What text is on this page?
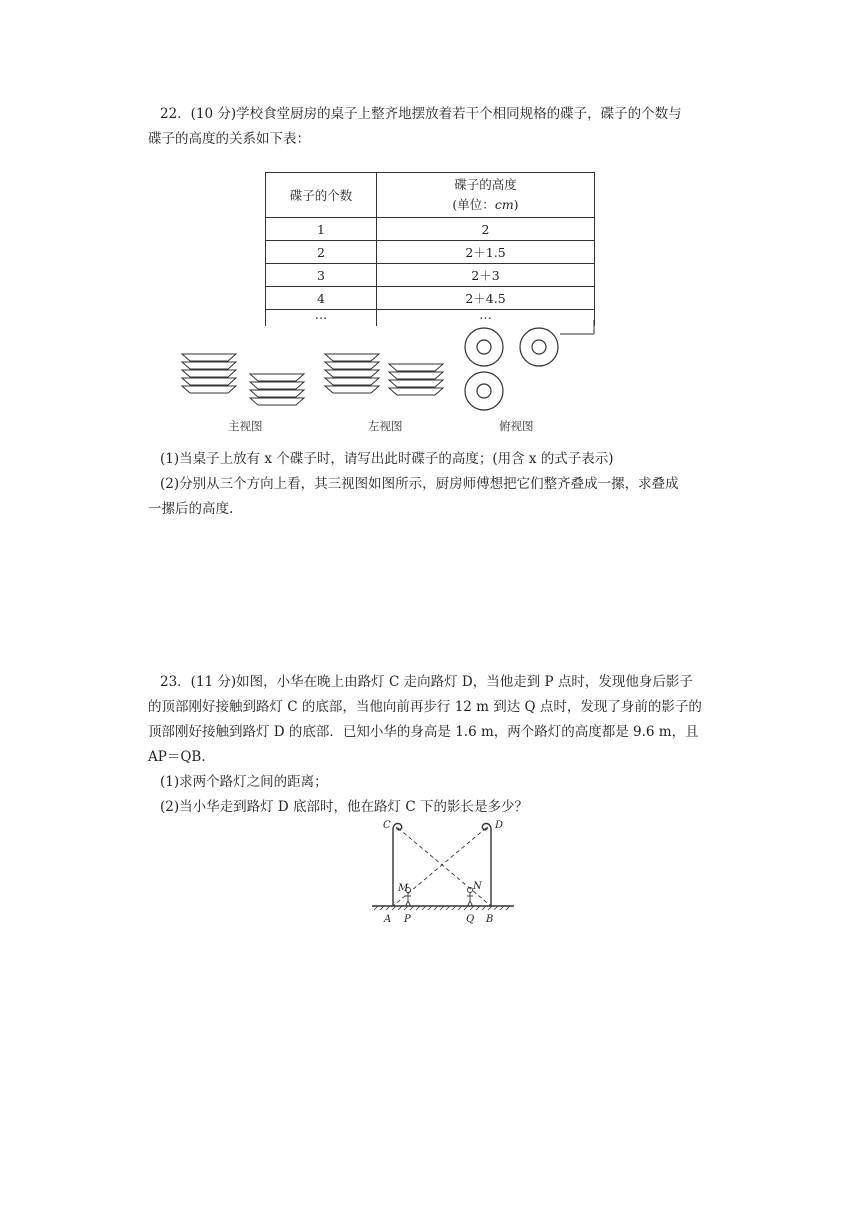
22．(10 分)学校食堂厨房的桌子上整齐地摆放着若干个相同规格的碟子，碟子的个数与
碟子的高度的关系如下表：
碟子的个数	碟子的高度
(单位：cm)
1	2
2	2＋1.5
3	2＋3
4	2＋4.5
…	…
主视图	左视图	俯视图
(1)当桌子上放有 x 个碟子时，请写出此时碟子的高度；(用含 x 的式子表示)
(2)分别从三个方向上看，其三视图如图所示，厨房师傅想把它们整齐叠成一摞，求叠成
一摞后的高度.
23．(11 分)如图，小华在晚上由路灯 C 走向路灯 D，当他走到 P 点时，发现他身后影子
的顶部刚好接触到路灯 C 的底部，当他向前再步行 12 m 到达 Q 点时，发现了身前的影子的
顶部刚好接触到路灯 D 的底部．已知小华的身高是 1.6 m，两个路灯的高度都是 9.6 m，且
AP＝QB.
(1)求两个路灯之间的距离；
(2)当小华走到路灯 D 底部时，他在路灯 C 下的影长是多少？
C	D
M	N
A P	Q B
